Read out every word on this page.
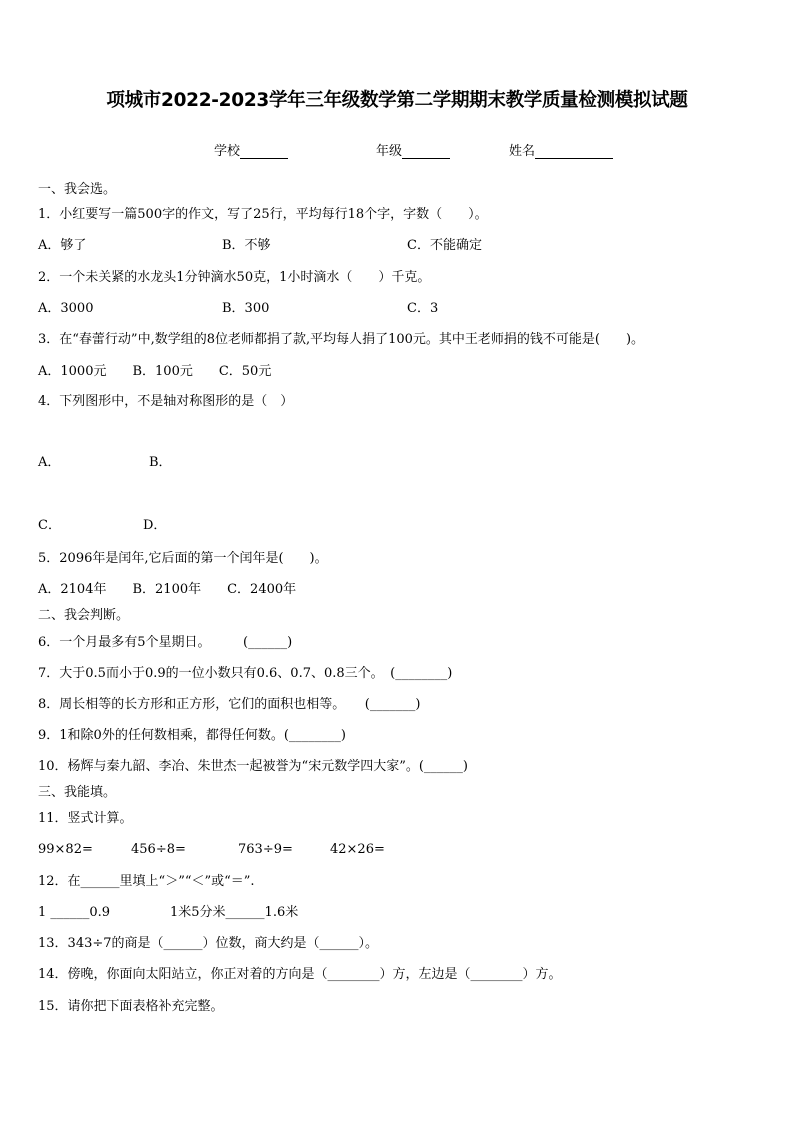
项城市2022-2023学年三年级数学第二学期期末教学质量检测模拟试题
学校	年级	姓名
一、我会选。
1．小红要写一篇500字的作文，写了25行，平均每行18个字，字数（　　）。
A．够了	B．不够	C．不能确定
2．一个未关紧的水龙头1分钟滴水50克，1小时滴水（　　）千克。
A．3000	B．300	C．3
3．在“春蕾行动”中,数学组的8位老师都捐了款,平均每人捐了100元。其中王老师捐的钱不可能是(　　)。
A．1000元　　B．100元　　C．50元
4．下列图形中，不是轴对称图形的是（　）
A．	B．
C．	D．
5．2096年是闰年,它后面的第一个闰年是(　　)。
A．2104年　　B．2100年　　C．2400年
二、我会判断。
6．一个月最多有5个星期日。　　　(______)
7．大于0.5而小于0.9的一位小数只有0.6、0.7、0.8三个。　(________)
8．周长相等的长方形和正方形，它们的面积也相等。　　(_______)
9．1和除0外的任何数相乘，都得任何数。(________)
10．杨辉与秦九韶、李冶、朱世杰一起被誉为“宋元数学四大家”。(______)
三、我能填。
11．竖式计算。
99×82=	456÷8=	763÷9=	42×26=
12．在______里填上“＞”“＜”或“＝”.
1 ______0.9	1米5分米______1.6米
13．343÷7的商是（______）位数，商大约是（______）。
14．傍晚，你面向太阳站立，你正对着的方向是（________）方，左边是（________）方。
15．请你把下面表格补充完整。
